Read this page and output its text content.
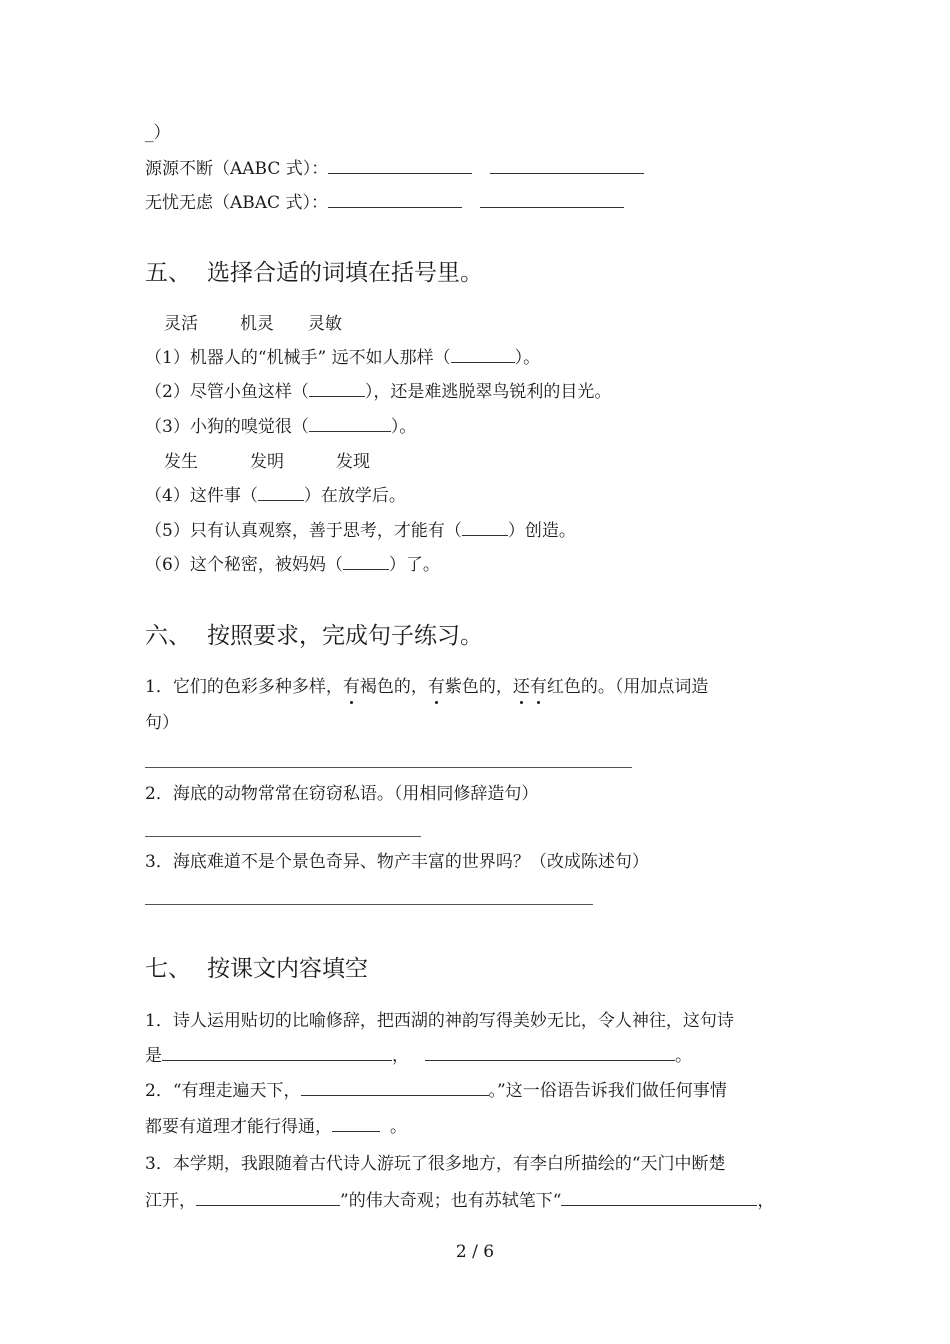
_）
源源不断（AABC 式）：
无忧无虑（ABAC 式）：
五、 选择合适的词填在括号里。
灵活 机灵 灵敏
（1）机器人的“机械手” 远不如人那样（	）。
（2）尽管小鱼这样（	），还是难逃脱翠鸟锐利的目光。
（3）小狗的嗅觉很（	）。
发生	发明	发现
（4）这件事（	）在放学后。
（5）只有认真观察，善于思考，才能有（	）创造。
（6）这个秘密，被妈妈（	）了。
六、 按照要求，完成句子练习。
1．它们的色彩多种多样，有褐色的，有紫色的，还有红色的。（用加点词造
句）
2．海底的动物常常在窃窃私语。（用相同修辞造句）
3．海底难道不是个景色奇异、物产丰富的世界吗？（改成陈述句）
七、 按课文内容填空
1．诗人运用贴切的比喻修辞，把西湖的神韵写得美妙无比，令人神往，这句诗
是	，	。
2．“有理走遍天下，	。”这一俗语告诉我们做任何事情
都要有道理才能行得通，	。
3．本学期，我跟随着古代诗人游玩了很多地方，有李白所描绘的“天门中断楚
江开，	”的伟大奇观；也有苏轼笔下“	，
2 / 6
